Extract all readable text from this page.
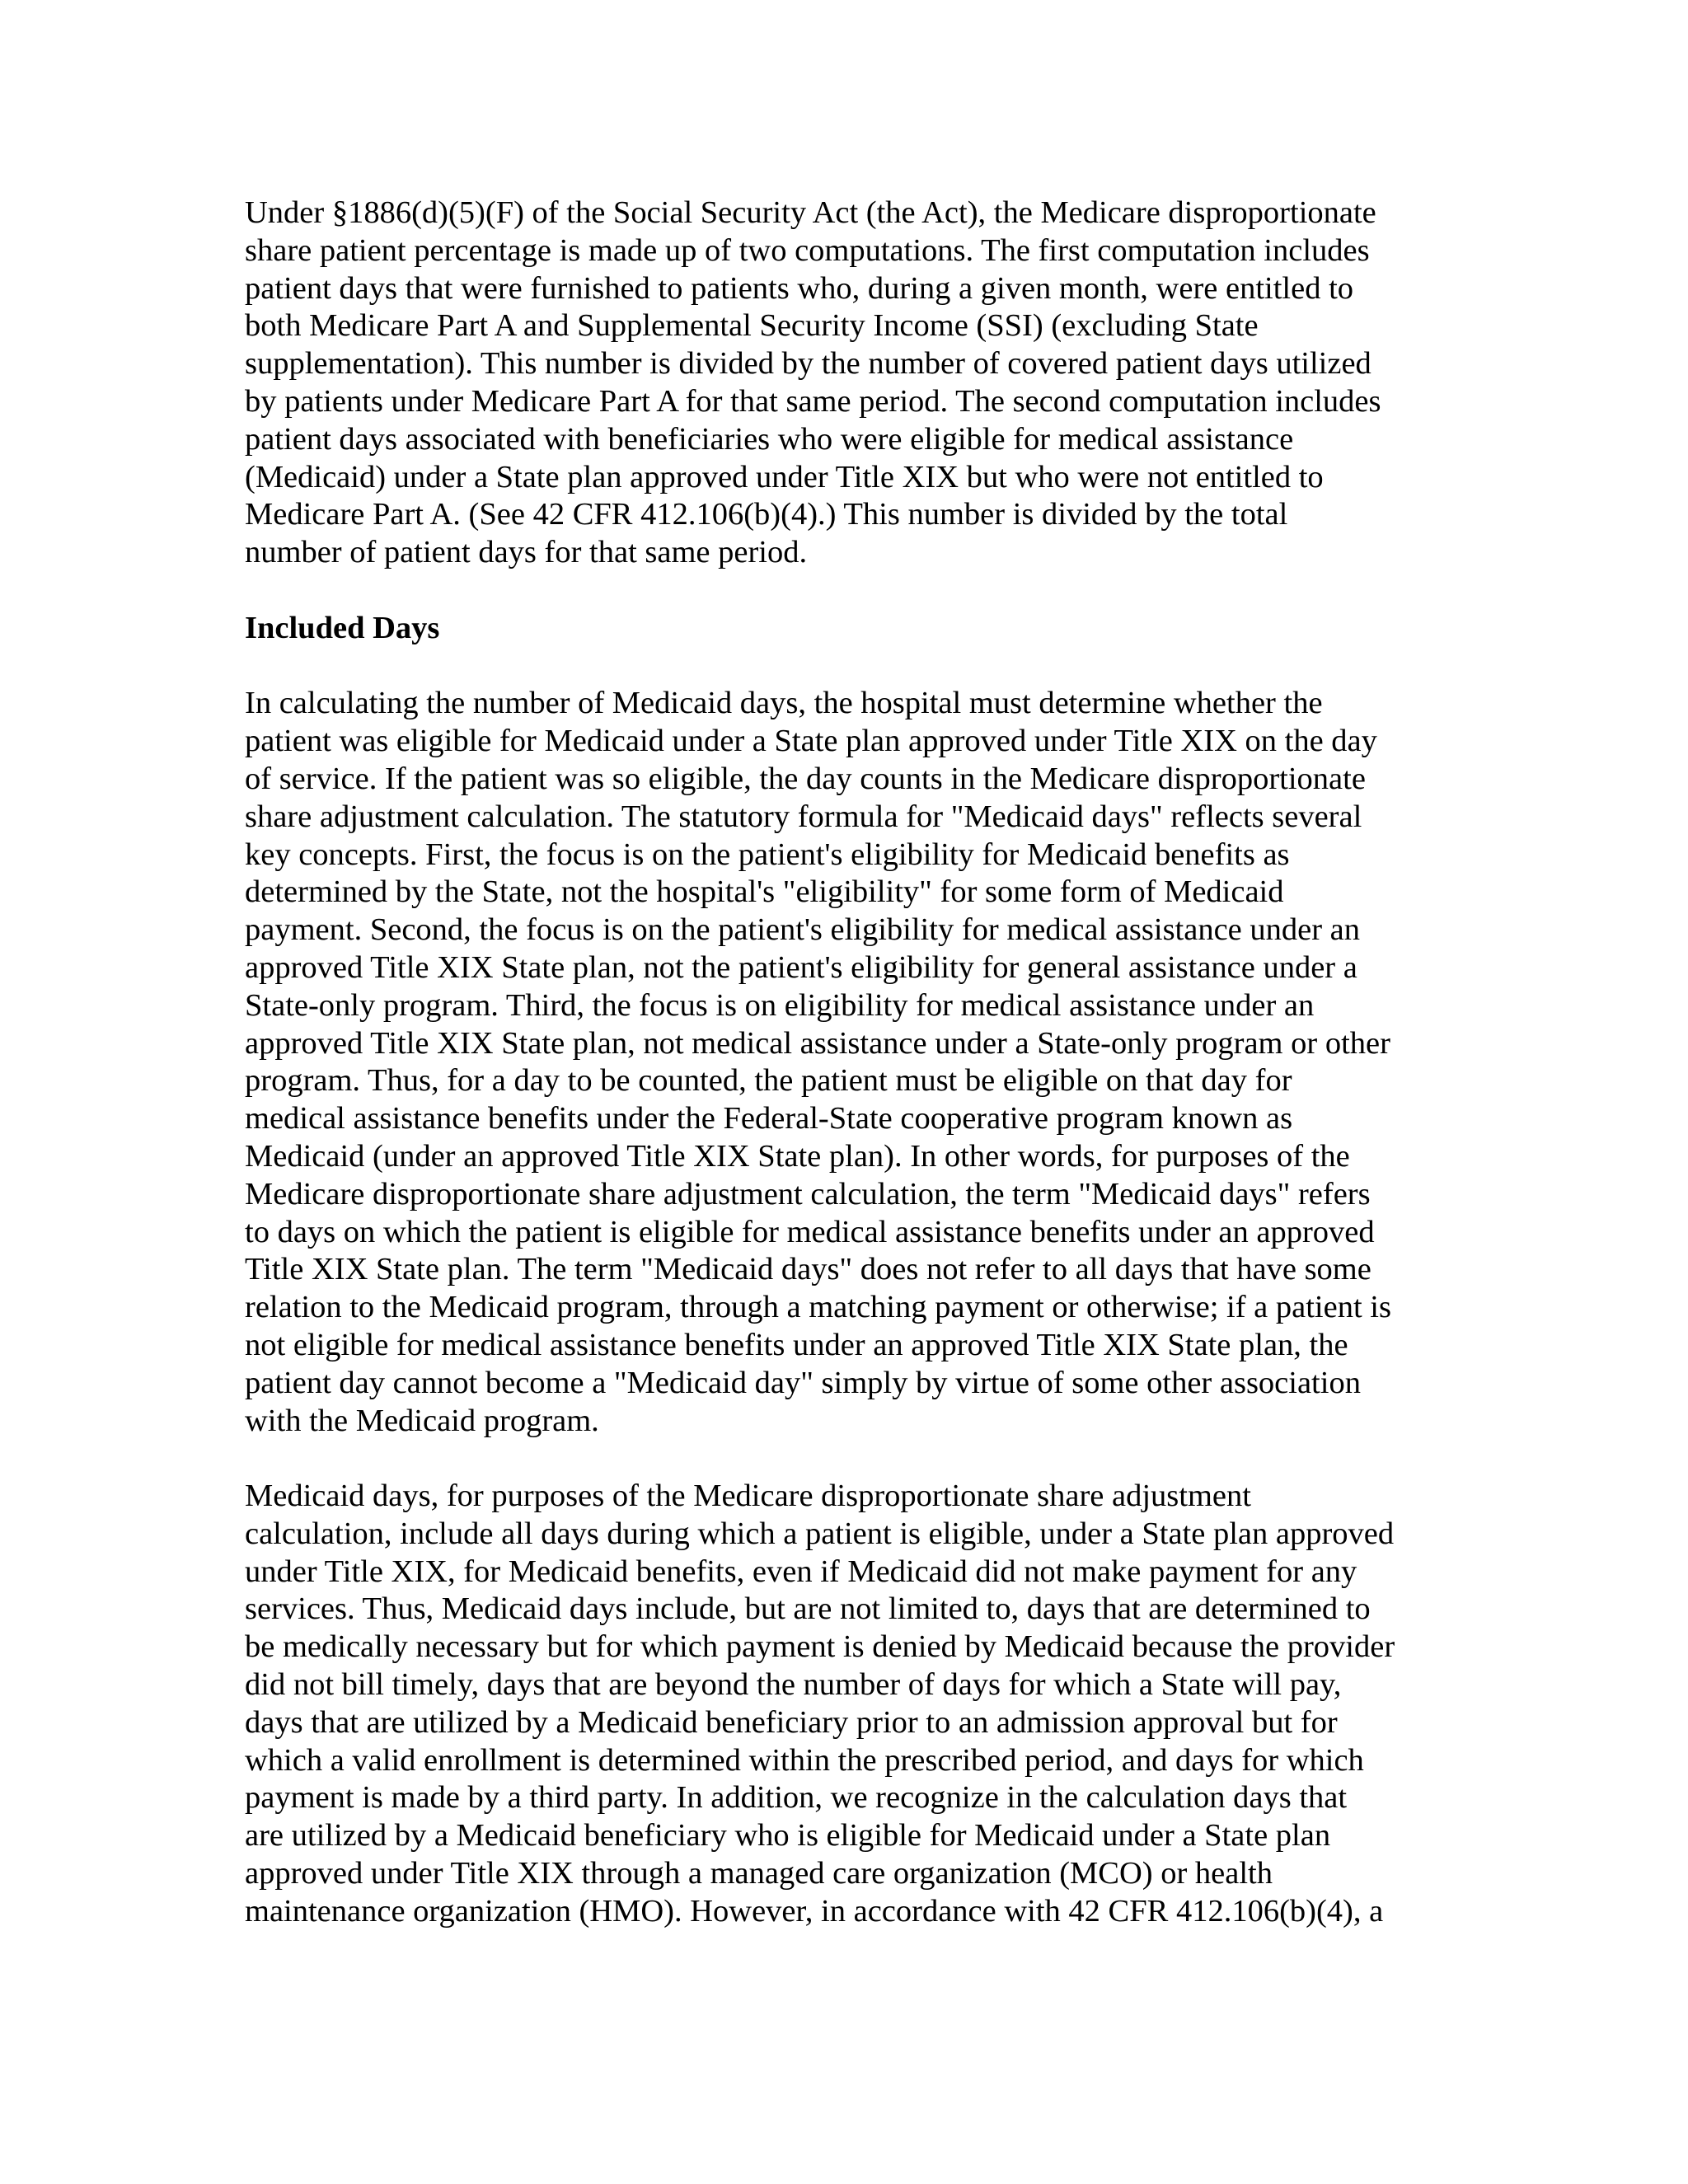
Under §1886(d)(5)(F) of the Social Security Act (the Act), the Medicare disproportionate
share patient percentage is made up of two computations. The first computation includes
patient days that were furnished to patients who, during a given month, were entitled to
both Medicare Part A and Supplemental Security Income (SSI) (excluding State
supplementation). This number is divided by the number of covered patient days utilized
by patients under Medicare Part A for that same period. The second computation includes
patient days associated with beneficiaries who were eligible for medical assistance
(Medicaid) under a State plan approved under Title XIX but who were not entitled to
Medicare Part A. (See 42 CFR 412.106(b)(4).) This number is divided by the total
number of patient days for that same period.

Included Days

In calculating the number of Medicaid days, the hospital must determine whether the
patient was eligible for Medicaid under a State plan approved under Title XIX on the day
of service. If the patient was so eligible, the day counts in the Medicare disproportionate
share adjustment calculation. The statutory formula for "Medicaid days" reflects several
key concepts. First, the focus is on the patient's eligibility for Medicaid benefits as
determined by the State, not the hospital's "eligibility" for some form of Medicaid
payment. Second, the focus is on the patient's eligibility for medical assistance under an
approved Title XIX State plan, not the patient's eligibility for general assistance under a
State-only program. Third, the focus is on eligibility for medical assistance under an
approved Title XIX State plan, not medical assistance under a State-only program or other
program. Thus, for a day to be counted, the patient must be eligible on that day for
medical assistance benefits under the Federal-State cooperative program known as
Medicaid (under an approved Title XIX State plan). In other words, for purposes of the
Medicare disproportionate share adjustment calculation, the term "Medicaid days" refers
to days on which the patient is eligible for medical assistance benefits under an approved
Title XIX State plan. The term "Medicaid days" does not refer to all days that have some
relation to the Medicaid program, through a matching payment or otherwise; if a patient is
not eligible for medical assistance benefits under an approved Title XIX State plan, the
patient day cannot become a "Medicaid day" simply by virtue of some other association
with the Medicaid program.

Medicaid days, for purposes of the Medicare disproportionate share adjustment
calculation, include all days during which a patient is eligible, under a State plan approved
under Title XIX, for Medicaid benefits, even if Medicaid did not make payment for any
services. Thus, Medicaid days include, but are not limited to, days that are determined to
be medically necessary but for which payment is denied by Medicaid because the provider
did not bill timely, days that are beyond the number of days for which a State will pay,
days that are utilized by a Medicaid beneficiary prior to an admission approval but for
which a valid enrollment is determined within the prescribed period, and days for which
payment is made by a third party. In addition, we recognize in the calculation days that
are utilized by a Medicaid beneficiary who is eligible for Medicaid under a State plan
approved under Title XIX through a managed care organization (MCO) or health
maintenance organization (HMO). However, in accordance with 42 CFR 412.106(b)(4), a
